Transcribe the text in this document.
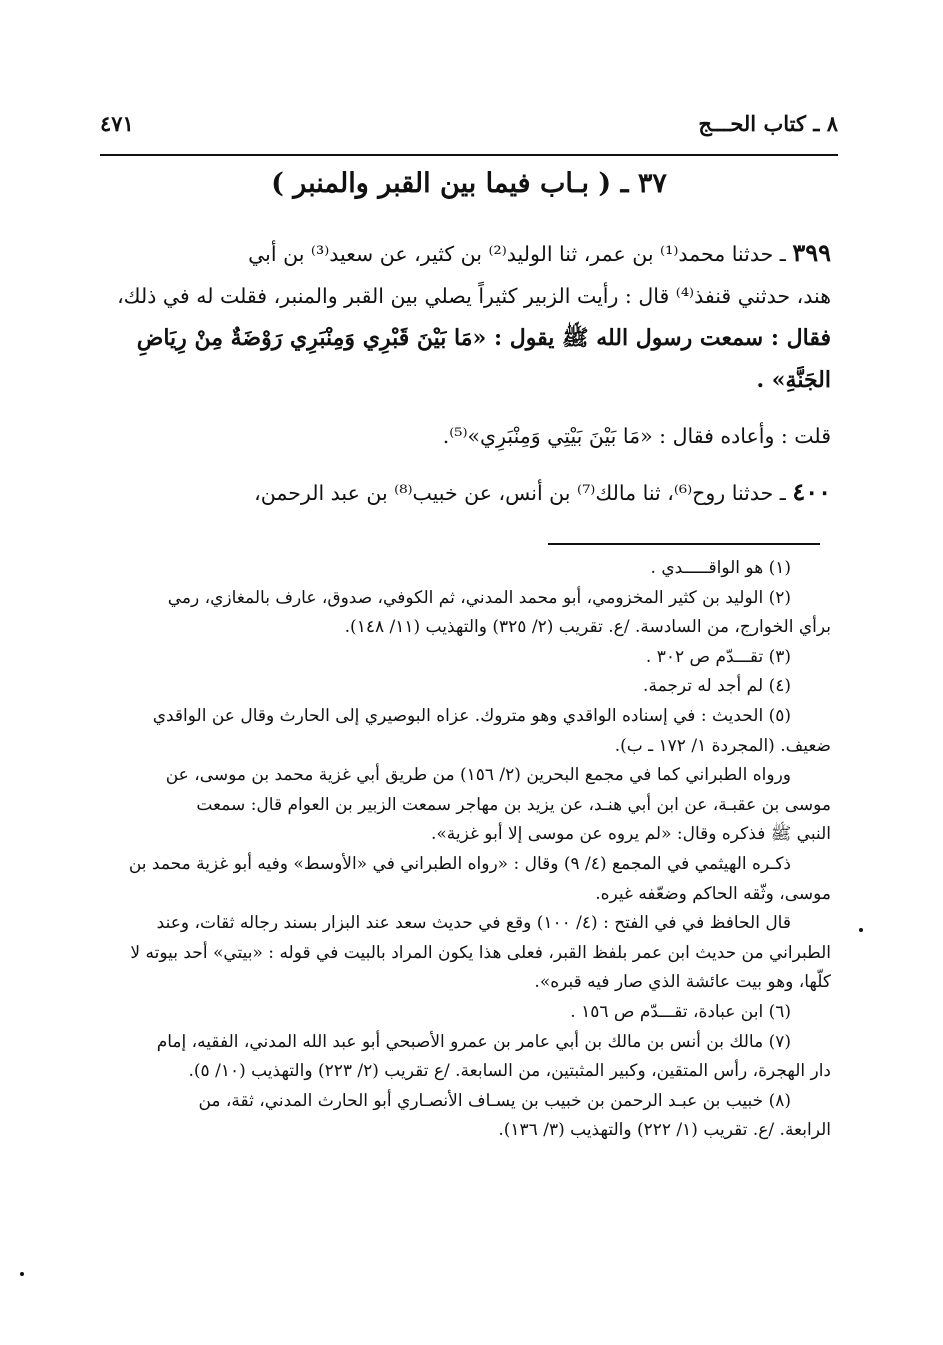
٨ ـ كتاب الحـــج
٤٧١
٣٧ ـ ( بـاب فيما بين القبر والمنبر )

٣٩٩ ـ حدثنا محمد⁽¹⁾ بن عمر، ثنا الوليد⁽²⁾ بن كثير، عن سعيد⁽³⁾ بن أبي

هند، حدثني قنفذ⁽⁴⁾ قال : رأيت الزبير كثيراً يصلي بين القبر والمنبر، فقلت له في ذلك،

فقال : سمعت رسول الله ﷺ يقول : «مَا بَيْنَ قَبْرِي وَمِنْبَرِي رَوْضَةٌ مِنْ رِيَاضِ

الجَنَّةِ» .

قلت : وأعاده فقال : «مَا بَيْنَ بَيْتِي وَمِنْبَرِي»⁽⁵⁾.

٤٠٠ ـ حدثنا روح⁽⁶⁾، ثنا مالك⁽⁷⁾ بن أنس، عن خبيب⁽⁸⁾ بن عبد الرحمن،

(١) هو الواقـــــدي .

(٢) الوليد بن كثير المخزومي، أبو محمد المدني، ثم الكوفي، صدوق، عارف بالمغازي، رمي

برأي الخوارج، من السادسة. /ع. تقريب (٢/ ٣٢٥) والتهذيب (١١/ ١٤٨).

(٣) تقـــدّم ص ٣٠٢ .

(٤) لم أجد له ترجمة.

(٥) الحديث : في إسناده الواقدي وهو متروك. عزاه البوصيري إلى الحارث وقال عن الواقدي

ضعيف. (المجردة ١/ ١٧٢ ـ ب).

ورواه الطبراني كما في مجمع البحرين (٢/ ١٥٦) من طريق أبي غزية محمد بن موسى، عن

موسى بن عقبـة، عن ابن أبي هنـد، عن يزيد بن مهاجر سمعت الزبير بن العوام قال: سمعت

النبي ﷺ فذكره وقال: «لم يروه عن موسى إلا أبو غزية».

ذكـره الهيثمي في المجمع (٤/ ٩) وقال : «رواه الطبراني في «الأوسط» وفيه أبو غزية محمد بن

موسى، وثّقه الحاكم وضعّفه غيره.

قال الحافظ في في الفتح : (٤/ ١٠٠) وقع في حديث سعد عند البزار بسند رجاله ثقات، وعند

الطبراني من حديث ابن عمر بلفظ القبر، فعلى هذا يكون المراد بالبيت في قوله : «بيتي» أحد بيوته لا

كلّها، وهو بيت عائشة الذي صار فيه قبره».

(٦) ابن عبادة، تقـــدّم ص ١٥٦ .

(٧) مالك بن أنس بن مالك بن أبي عامر بن عمرو الأصبحي أبو عبد الله المدني، الفقيه، إمام

دار الهجرة، رأس المتقين، وكبير المثبتين، من السابعة. /ع تقريب (٢/ ٢٢٣) والتهذيب (١٠/ ٥).

(٨) خبيب بن عبـد الرحمن بن خبيب بن يسـاف الأنصـاري أبو الحارث المدني، ثقة، من

الرابعة. /ع. تقريب (١/ ٢٢٢) والتهذيب (٣/ ١٣٦).
